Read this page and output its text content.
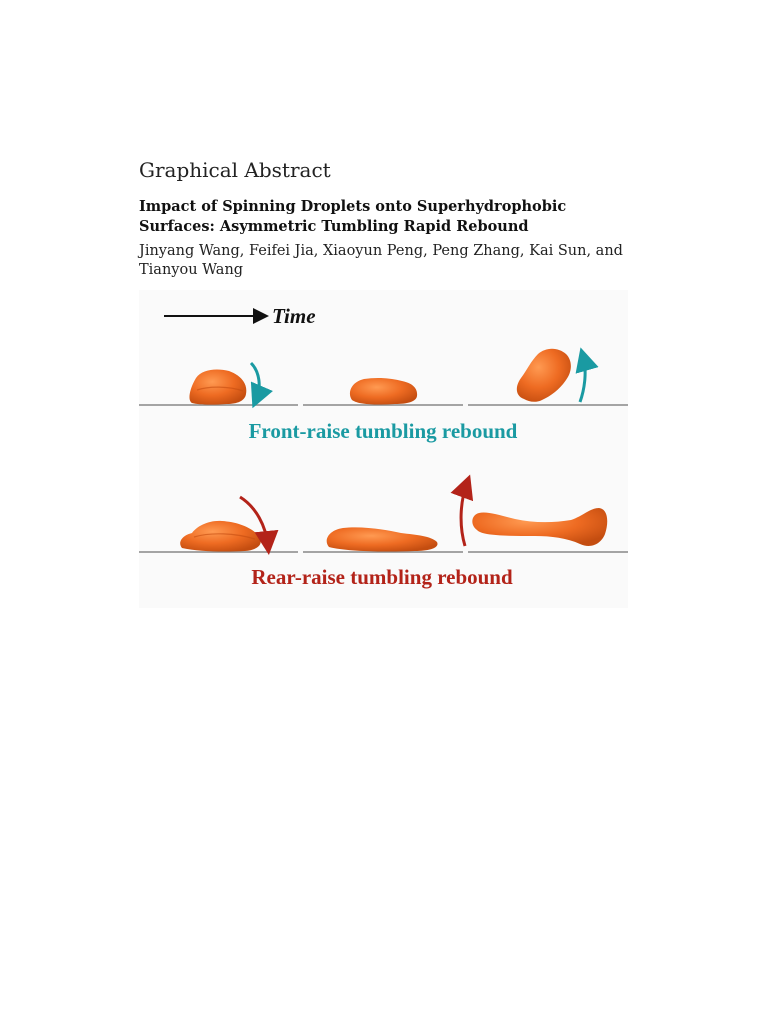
Graphical Abstract
Impact of Spinning Droplets onto Superhydrophobic Surfaces: Asymmetric Tumbling Rapid Rebound
Jinyang Wang, Feifei Jia, Xiaoyun Peng, Peng Zhang, Kai Sun, and Tianyou Wang
Time
Front-raise tumbling rebound
Rear-raise tumbling rebound
